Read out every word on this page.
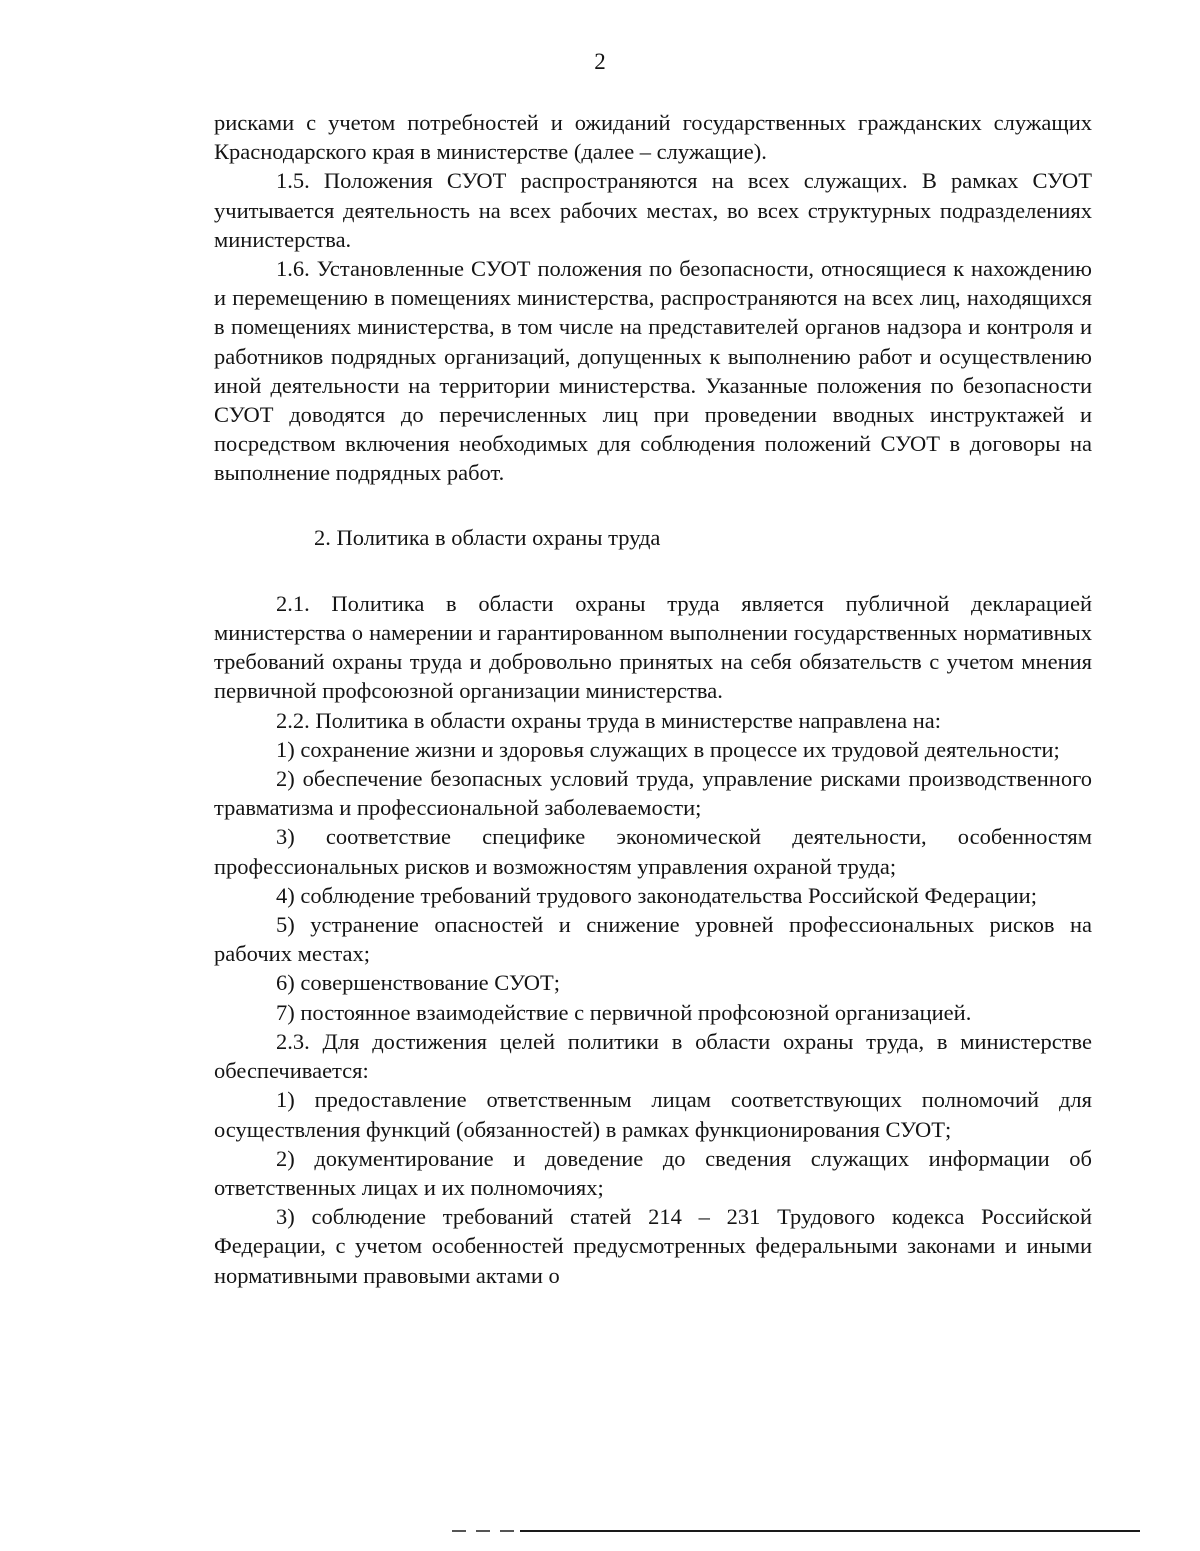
2

рисками с учетом потребностей и ожиданий государственных гражданских служащих Краснодарского края в министерстве (далее – служащие).

1.5. Положения СУОТ распространяются на всех служащих. В рамках СУОТ учитывается деятельность на всех рабочих местах, во всех структурных подразделениях министерства.

1.6. Установленные СУОТ положения по безопасности, относящиеся к нахождению и перемещению в помещениях министерства, распространяются на всех лиц, находящихся в помещениях министерства, в том числе на представителей органов надзора и контроля и работников подрядных организаций, допущенных к выполнению работ и осуществлению иной деятельности на территории министерства. Указанные положения по безопасности СУОТ доводятся до перечисленных лиц при проведении вводных инструктажей и посредством включения необходимых для соблюдения положений СУОТ в договоры на выполнение подрядных работ.

2. Политика в области охраны труда

2.1. Политика в области охраны труда является публичной декларацией министерства о намерении и гарантированном выполнении государственных нормативных требований охраны труда и добровольно принятых на себя обязательств с учетом мнения первичной профсоюзной организации министерства.

2.2. Политика в области охраны труда в министерстве направлена на:

1) сохранение жизни и здоровья служащих в процессе их трудовой деятельности;

2) обеспечение безопасных условий труда, управление рисками производственного травматизма и профессиональной заболеваемости;

3) соответствие специфике экономической деятельности, особенностям профессиональных рисков и возможностям управления охраной труда;

4) соблюдение требований трудового законодательства Российской Федерации;

5) устранение опасностей и снижение уровней профессиональных рисков на рабочих местах;

6) совершенствование СУОТ;

7) постоянное взаимодействие с первичной профсоюзной организацией.

2.3. Для достижения целей политики в области охраны труда, в министерстве обеспечивается:

1) предоставление ответственным лицам соответствующих полномочий для осуществления функций (обязанностей) в рамках функционирования СУОТ;

2) документирование и доведение до сведения служащих информации об ответственных лицах и их полномочиях;

3) соблюдение требований статей 214 – 231 Трудового кодекса Российской Федерации, с учетом особенностей предусмотренных федеральными законами и иными нормативными правовыми актами о
